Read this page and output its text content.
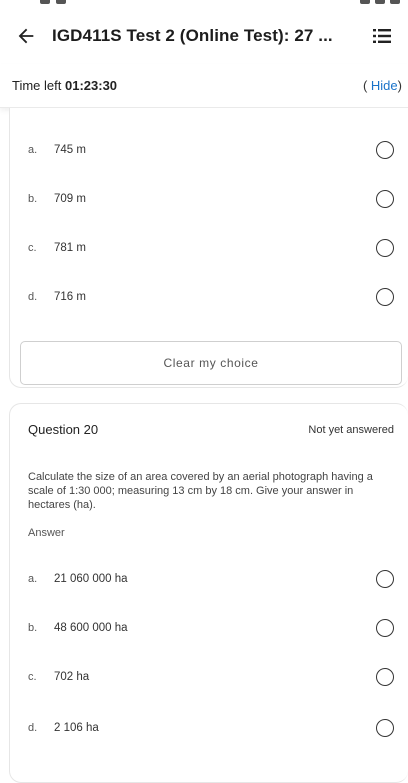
IGD411S Test 2 (Online Test): 27 ...
Time left 01:23:30	( Hide)
a.	745 m
b.	709 m
c.	781 m
d.	716 m
Clear my choice
Question 20	Not yet answered
Calculate the size of an area covered by an aerial photograph having a scale of 1:30 000; measuring 13 cm by 18 cm. Give your answer in hectares (ha).
Answer
a.	21 060 000 ha
b.	48 600 000 ha
c.	702 ha
d.	2 106 ha
